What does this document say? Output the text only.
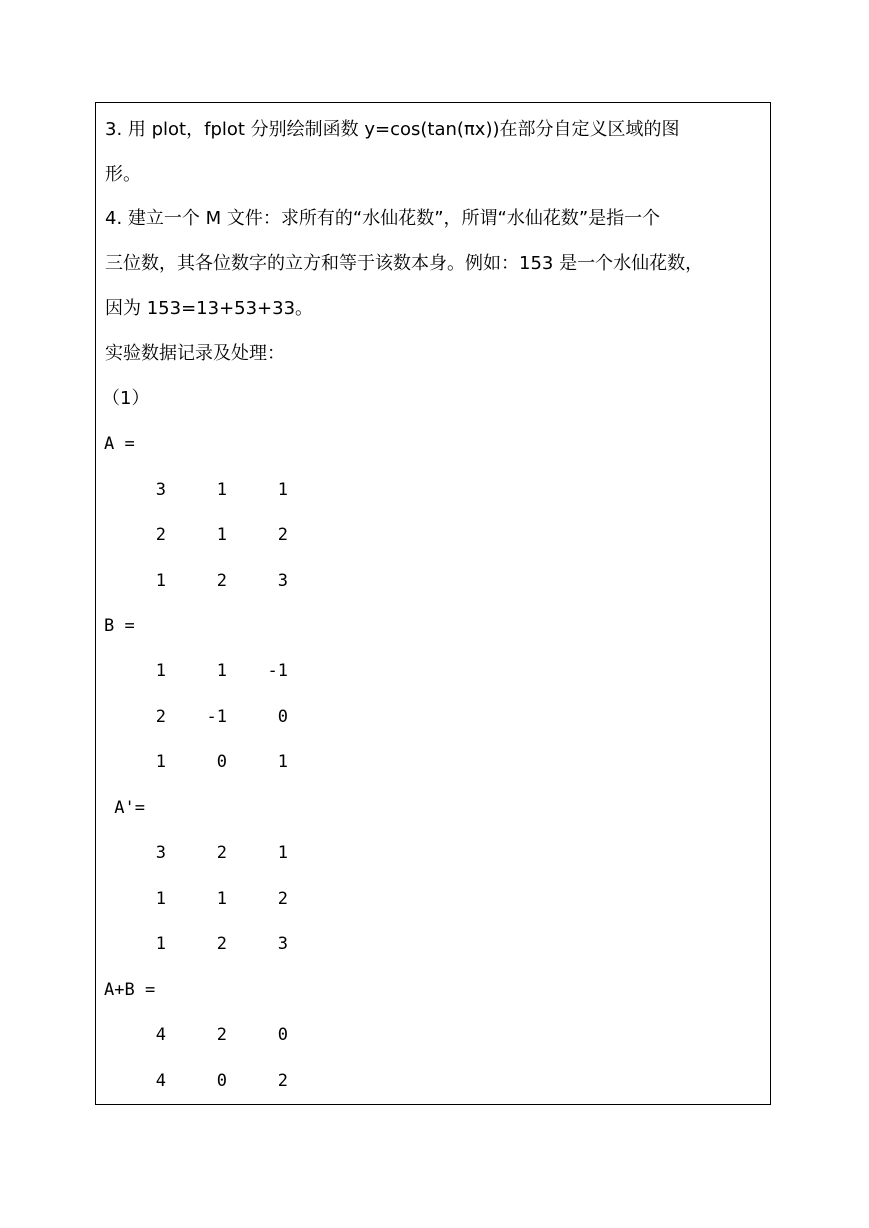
3. 用 plot，fplot 分别绘制函数 y=cos(tan(πx))在部分自定义区域的图
形。
4. 建立一个 M 文件：求所有的“水仙花数”，所谓“水仙花数”是指一个
三位数，其各位数字的立方和等于该数本身。例如：153 是一个水仙花数，
因为 153=13+53+33。
实验数据记录及处理：
（1）
A =
3	1	1
2	1	2
1	2	3
B =
1	1	-1
2	-1	0
1	0	1
A'=
3	2	1
1	1	2
1	2	3
A+B =
4	2	0
4	0	2
